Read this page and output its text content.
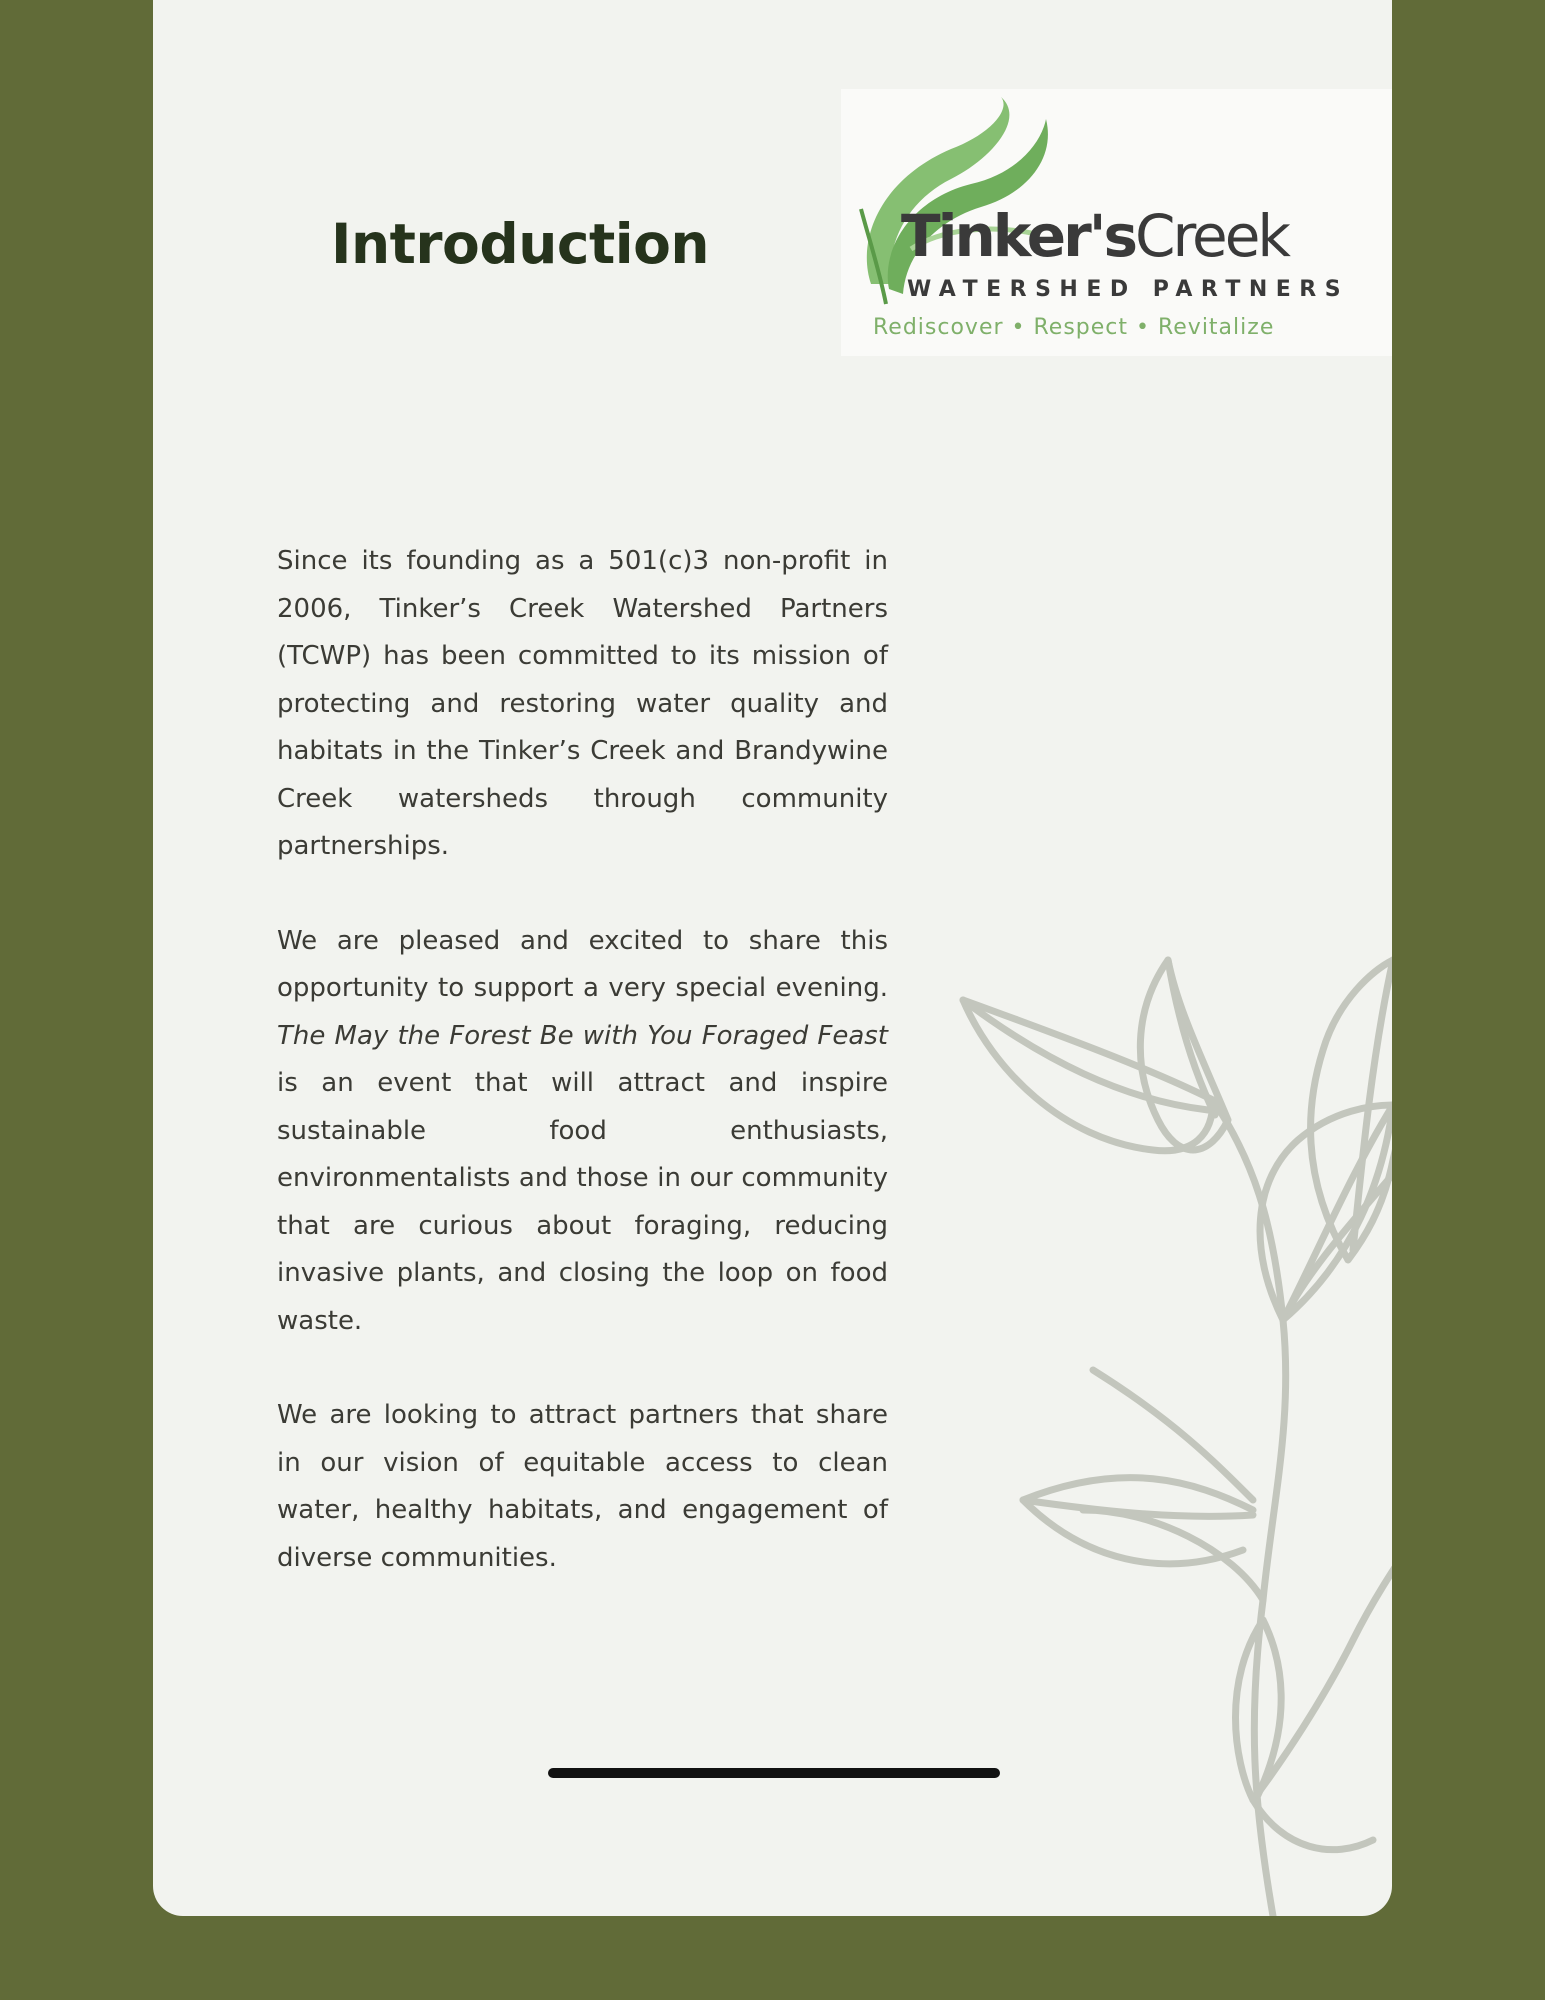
Introduction	Tinker'sCreek
WATERSHED PARTNERS
Rediscover • Respect • Revitalize

Since its founding as a 501(c)3 non-profit in 2006, Tinker’s Creek Watershed Partners (TCWP) has been committed to its mission of protecting and restoring water quality and habitats in the Tinker’s Creek and Brandywine Creek watersheds through community partnerships.

We are pleased and excited to share this opportunity to support a very special evening. The May the Forest Be with You Foraged Feast is an event that will attract and inspire sustainable food enthusiasts, environmentalists and those in our community that are curious about foraging, reducing invasive plants, and closing the loop on food waste.

We are looking to attract partners that share in our vision of equitable access to clean water, healthy habitats, and engagement of diverse communities.
